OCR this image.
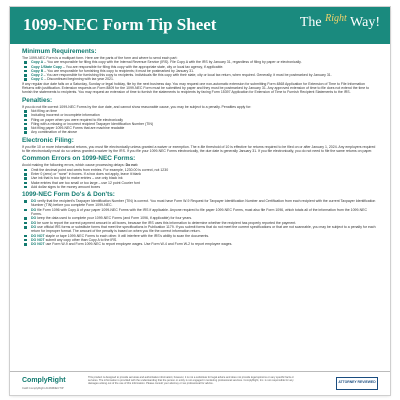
1099-NEC Form Tip Sheet	The $^{Right}$ Way!
Minimum Requirements:

The 1099-NEC Form is a multipart form. Here are the parts of the form and where to send each part:

Copy A – You are responsible for filing this copy with the Internal Revenue Service (IRS). File Copy A with the IRS by January 31, regardless of filing by paper or electronically.
Copy 1/State Copy – You are responsible for filing this copy with the appropriate state, city or local tax agency, if applicable.
Copy B – You are responsible for furnishing this copy to recipients; it must be postmarked by January 31.
Copy 2 – You are responsible for furnishing this copy to recipients. Individuals file this copy with their state, city or local tax return, when required. Generally, it must be postmarked by January 31.
Copy C – Discontinued beginning with tax year 2021.

If any regular due date falls on a Saturday, Sunday or legal holiday, file by the next business day. You may request one non-automatic extension for submitting Form 4868 Application for Extension of Time to File Information Returns with justification. Extension requests on Form 8809 for the 1099-NEC Form must be submitted by paper and they must be postmarked by January 31. Any approved extension of time to file does not extend the time to furnish the statements to recipients. You may request an extension of time to furnish the statements to recipients by faxing Form 15397 Application for Extension of Time to Furnish Recipient Statements to the IRS.

Penalties:

If you do not file correct 1099-NEC Forms by the due date, and cannot show reasonable cause, you may be subject to a penalty. Penalties apply for:

Not filing on time
Including incorrect or incomplete information
Filing on paper when you were required to file electronically
Filing with a missing or incorrect recipient Taxpayer Identification Number (TIN)
Not filing paper 1099-NEC Forms that are machine readable
Any combination of the above
Electronic Filing:

If you file 10 or more informational returns, you must file electronically unless granted a waiver or exemption. The e-file threshold of 10 is effective for returns required to be filed on or after January 1, 2024. Any employers required to file electronically must do so unless granted a waiver by the IRS. If you file your 1099-NEC Forms electronically, the due date is generally January 31. If you file electronically, you do not need to file the same returns on paper.

Common Errors on 1099-NEC Forms:

Avoid making the following errors, which cause processing delays: Do not:

Omit the decimal point and cents from entries. For example, 1230.00 is correct, not 1230
Enter 0 (zero) or "none" in boxes. If a box does not apply, leave it blank
Use ink that is too light to make entries – use only black ink
Make entries that are too small or too large – use 12 point Courier font
Add dollar signs to the money amount boxes
1099-NEC Form Do's & Don'ts:
DO verify that the recipient's Taxpayer Identification Number (TIN) is correct. You must have Form W-9 Request for Taxpayer Identification Number and Certification from each recipient with the current Taxpayer Identification Number (TIN) before you complete Form 1099-NEC.
DO file Form 1096 with Copy A of your paper 1099-NEC Forms with the IRS if applicable. Anyone required to file paper 1099-NEC Forms, must also file Form 1096, which totals all of the information from the 1099-NEC Forms.
DO keep the data used to complete your 1099-NEC Forms (and Form 1096, if applicable) for four years.
DO be sure to report the correct payment amount in all boxes, because the IRS uses this information to determine whether the recipient has properly reported the payment.
DO use official IRS forms or substitute forms that meet the specifications in Publication 1179. If you submit forms that do not meet the current specifications or that are not scannable, you may be subject to a penalty for each return for improper format. The amount of the penalty is based on when you file the correct information return.
DO NOT staple or tape 1099-NEC Forms to each other. It will interfere with the IRS's ability to scan the documents.
DO NOT submit any copy other than Copy A to the IRS.
DO NOT use Form W-9 and Form 1099-NEC to report employee wages. Use Form W-4 and Form W-2 to report employee wages.
ComplyRight
Cat# ComplyRight A1099NECTIP
This product is designed to provide accurate and authoritative information; however, it is not a substitute for legal advice and does not provide legal opinions on any specific facts or services. The information is provided with the understanding that the person or entity is not engaged in rendering professional services. ComplyRight, Inc. is not responsible for any damages arising out of the use of this information. Please consult your attorney or tax professional for advice.
ATTORNEY REVIEWED
